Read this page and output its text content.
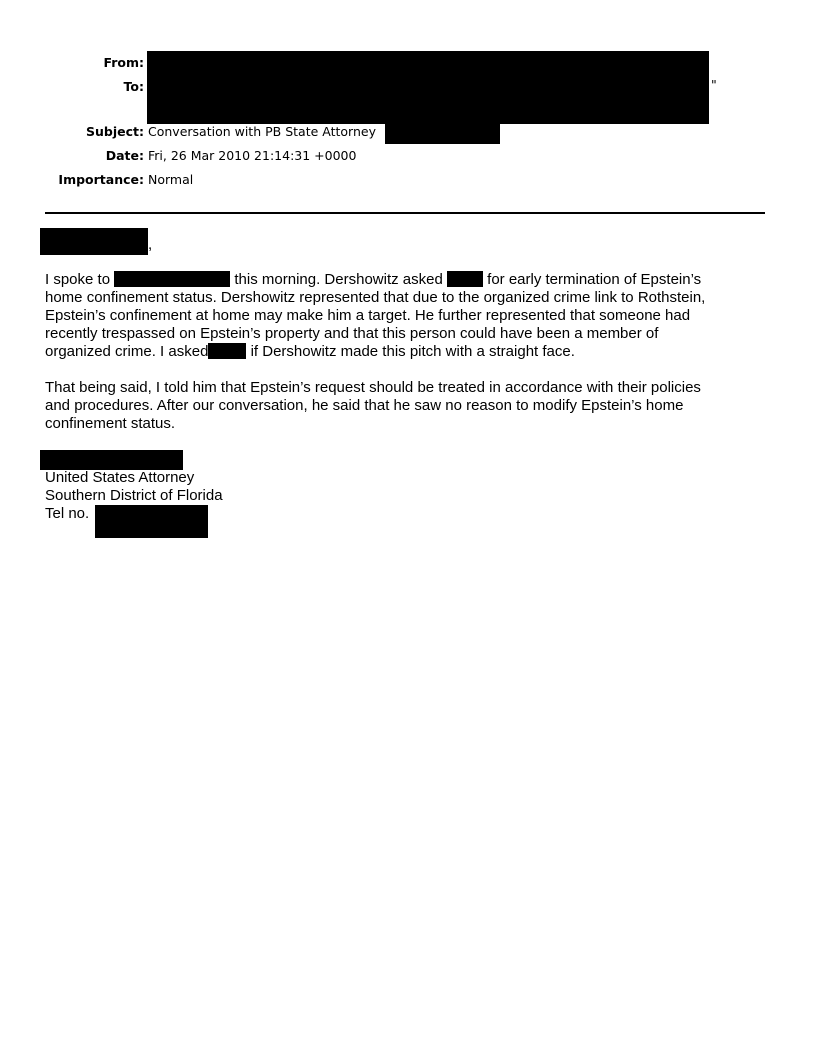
From:
To:	"
Subject: Conversation with PB State Attorney
Date: Fri, 26 Mar 2010 21:14:31 +0000
Importance: Normal
,
I spoke to	this morning. Dershowitz asked	for early termination of Epstein’s
home confinement status. Dershowitz represented that due to the organized crime link to Rothstein,
Epstein’s confinement at home may make him a target. He further represented that someone had
recently trespassed on Epstein’s property and that this person could have been a member of
organized crime. I asked	if Dershowitz made this pitch with a straight face.
That being said, I told him that Epstein’s request should be treated in accordance with their policies
and procedures. After our conversation, he said that he saw no reason to modify Epstein’s home
confinement status.
United States Attorney
Southern District of Florida
Tel no.
